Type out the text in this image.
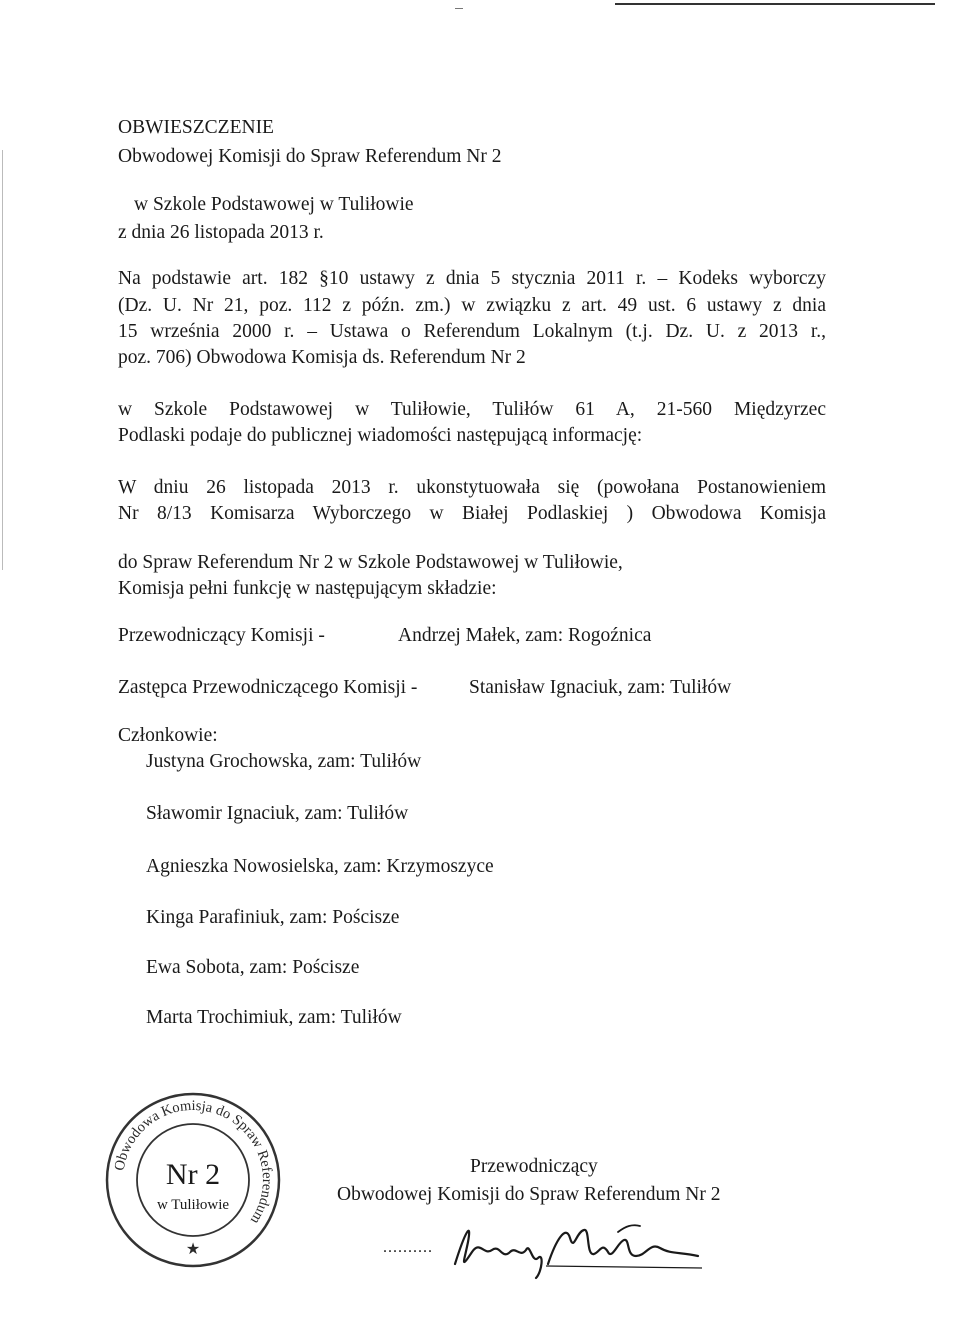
OBWIESZCZENIE
Obwodowej Komisji do Spraw Referendum Nr 2
w Szkole Podstawowej w Tuliłowie
z dnia 26 listopada 2013 r.
Na podstawie art. 182 §10 ustawy z dnia 5 stycznia 2011 r. – Kodeks wyborczy
(Dz. U. Nr 21, poz. 112 z późn. zm.) w związku z art. 49 ust. 6 ustawy z dnia
15 września 2000 r. – Ustawa o Referendum Lokalnym (t.j. Dz. U. z 2013 r.,
poz. 706) Obwodowa Komisja ds. Referendum Nr 2
w Szkole Podstawowej w Tuliłowie, Tuliłów 61 A, 21-560 Międzyrzec
Podlaski podaje do publicznej wiadomości następującą informację:
W dniu 26 listopada 2013 r. ukonstytuowała się (powołana Postanowieniem
Nr 8/13 Komisarza Wyborczego w Białej Podlaskiej ) Obwodowa Komisja
do Spraw Referendum Nr 2 w Szkole Podstawowej w Tuliłowie,
Komisja pełni funkcję w następującym składzie:
Przewodniczący Komisji -	Andrzej Małek, zam: Rogoźnica
Zastępca Przewodniczącego Komisji -	Stanisław Ignaciuk, zam: Tuliłów
Członkowie:
Justyna Grochowska, zam: Tuliłów
Sławomir Ignaciuk, zam: Tuliłów
Agnieszka Nowosielska, zam: Krzymoszyce
Kinga Parafiniuk, zam: Pościsze
Ewa Sobota, zam: Pościsze
Marta Trochimiuk, zam: Tuliłów
Obwodowa Komisja do Spraw Referendum
★
Nr 2
w Tuliłowie
Przewodniczący
Obwodowej Komisji do Spraw Referendum Nr 2
..........
